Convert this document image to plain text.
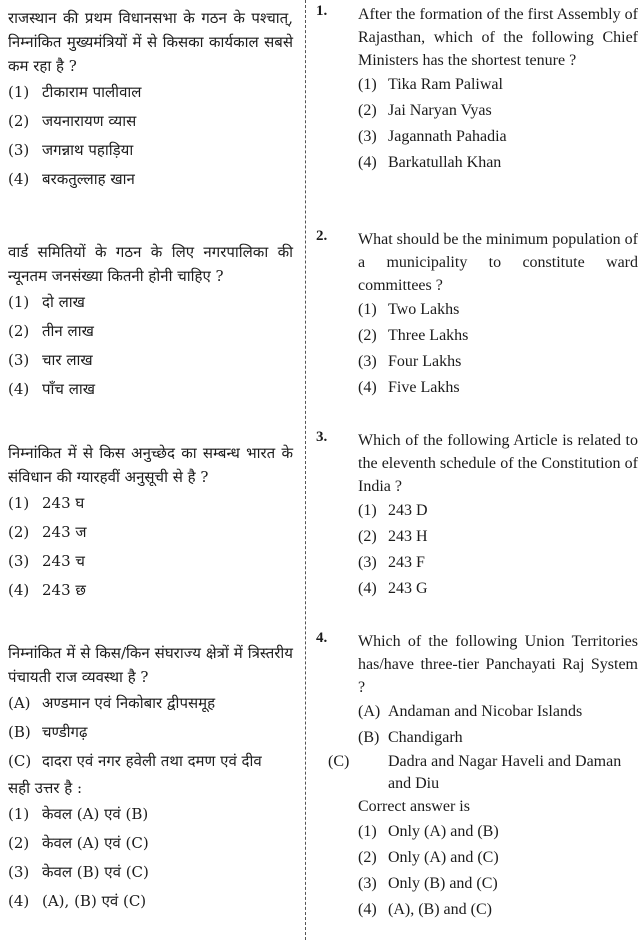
राजस्थान की प्रथम विधानसभा के गठन के पश्चात्, निम्नांकित मुख्यमंत्रियों में से किसका कार्यकाल सबसे कम रहा है ?
(1) टीकाराम पालीवाल
(2) जयनारायण व्यास
(3) जगन्नाथ पहाड़िया
(4) बरकतुल्लाह खान
वार्ड समितियों के गठन के लिए नगरपालिका की न्यूनतम जनसंख्या कितनी होनी चाहिए ?
(1) दो लाख
(2) तीन लाख
(3) चार लाख
(4) पाँच लाख
निम्नांकित में से किस अनुच्छेद का सम्बन्ध भारत के संविधान की ग्यारहवीं अनुसूची से है ?
(1) 243 घ
(2) 243 ज
(3) 243 च
(4) 243 छ
निम्नांकित में से किस/किन संघराज्य क्षेत्रों में त्रिस्तरीय पंचायती राज व्यवस्था है ?
(A) अण्डमान एवं निकोबार द्वीपसमूह
(B) चण्डीगढ़
(C) दादरा एवं नगर हवेली तथा दमण एवं दीव
सही उत्तर है :
(1) केवल (A) एवं (B)
(2) केवल (A) एवं (C)
(3) केवल (B) एवं (C)
(4) (A), (B) एवं (C)
1. After the formation of the first Assembly of Rajasthan, which of the following Chief Ministers has the shortest tenure ?
(1) Tika Ram Paliwal
(2) Jai Naryan Vyas
(3) Jagannath Pahadia
(4) Barkatullah Khan
2. What should be the minimum population of a municipality to constitute ward committees ?
(1) Two Lakhs
(2) Three Lakhs
(3) Four Lakhs
(4) Five Lakhs
3. Which of the following Article is related to the eleventh schedule of the Constitution of India ?
(1) 243 D
(2) 243 H
(3) 243 F
(4) 243 G
4. Which of the following Union Territories has/have three-tier Panchayati Raj System ?
(A) Andaman and Nicobar Islands
(B) Chandigarh
(C) Dadra and Nagar Haveli and Daman and Diu
Correct answer is
(1) Only (A) and (B)
(2) Only (A) and (C)
(3) Only (B) and (C)
(4) (A), (B) and (C)
